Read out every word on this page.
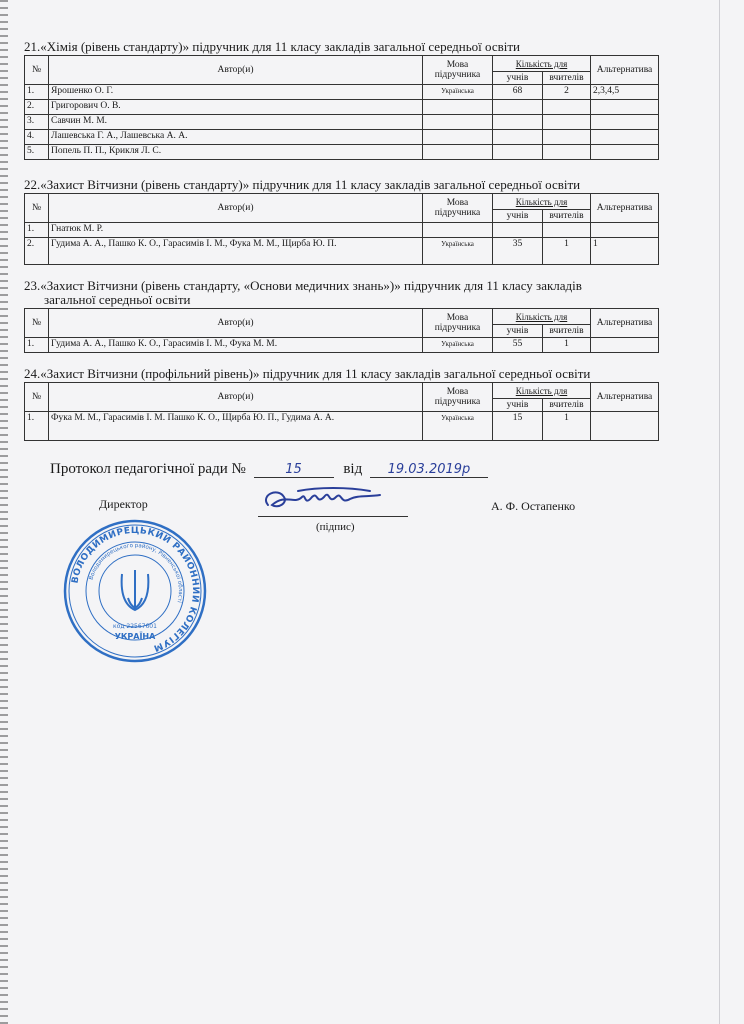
21.«Хімія (рівень стандарту)» підручник для 11 класу закладів загальної середньої освіти
№	Автор(и)	Мова підручника	Кількість для		Альтернатива
			учнів	вчителів	
1.	Ярошенко О. Г.	Українська	68	2	2,3,4,5
2.	Григорович О. В.				
3.	Савчин М. М.				
4.	Лашевська Г. А., Лашевська А. А.				
5.	Попель П. П., Крикля Л. С.				
22.«Захист Вітчизни (рівень стандарту)» підручник для 11 класу закладів загальної середньої освіти
№	Автор(и)	Мова підручника	Кількість для		Альтернатива
			учнів	вчителів	
1.	Гнатюк М. Р.				
2.	Гудима А. А., Пашко К. О., Гарасимів І. М., Фука М. М., Щирба Ю. П.	Українська	35	1	1
23.«Захист Вітчизни (рівень стандарту, «Основи медичних знань»)» підручник для 11 класу закладів
загальної середньої освіти
№	Автор(и)	Мова підручника	Кількість для		Альтернатива
			учнів	вчителів	
1.	Гудима А. А., Пашко К. О., Гарасимів І. М., Фука М. М.	Українська	55	1	
24.«Захист Вітчизни (профільний рівень)» підручник для 11 класу закладів загальної середньої освіти
№	Автор(и)	Мова підручника	Кількість для		Альтернатива
			учнів	вчителів	
1.	Фука М. М., Гарасимів І. М. Пашко К. О., Щирба Ю. П., Гудима А. А.	Українська	15	1	
Протокол педагогічної ради №	15	від 19.03.2019р
Директор
(підпис)
А. Ф. Остапенко
ВОЛОДИМИРЕЦЬКИЙ РАЙОННИЙ КОЛЕГІУМ
Володимирецького району, Рівненської області
УКРАЇНА
код 22567601
